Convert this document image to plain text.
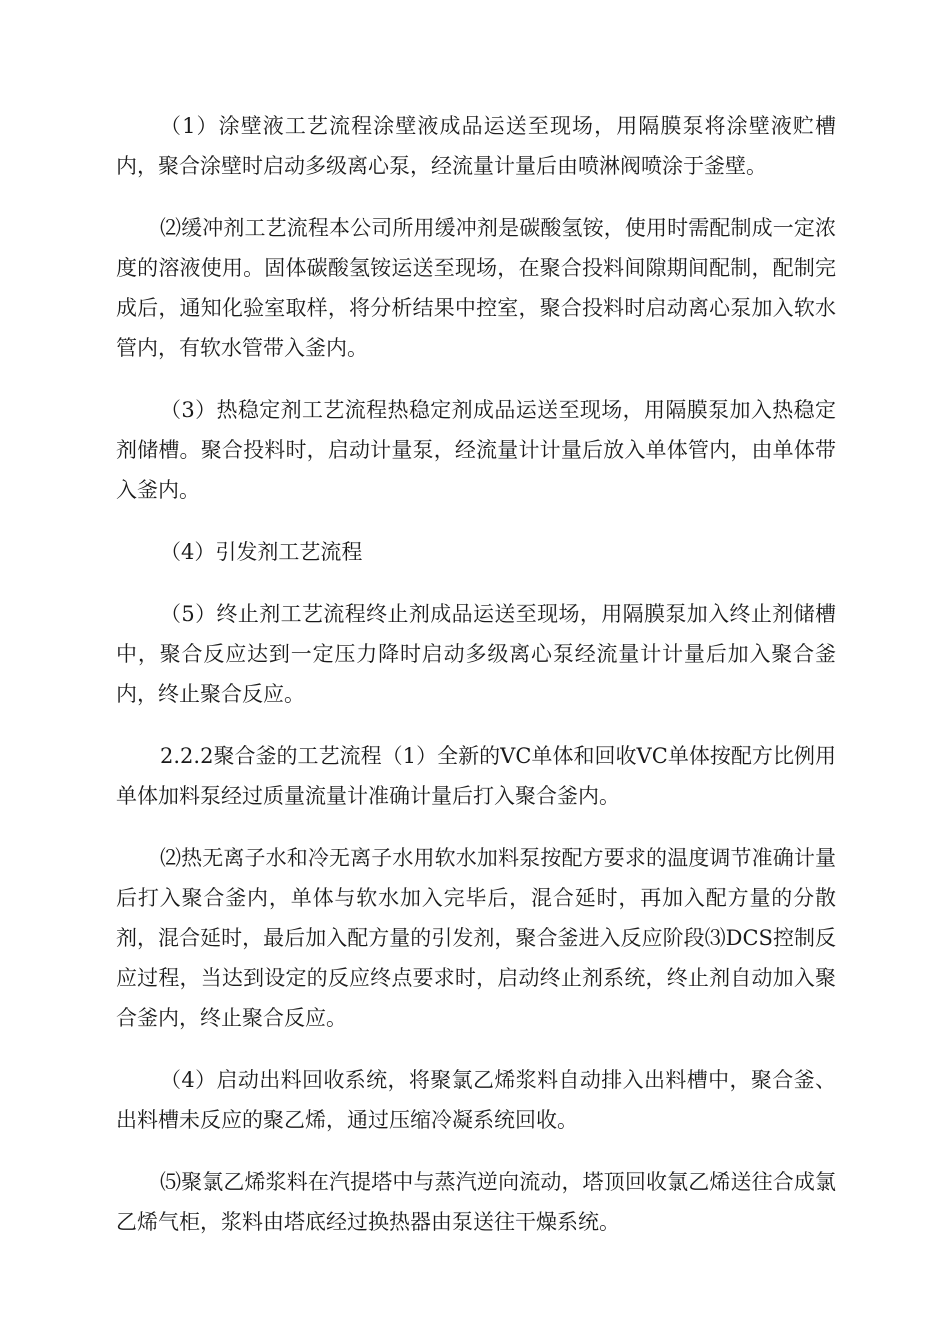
（1）涂壁液工艺流程涂壁液成品运送至现场，用隔膜泵将涂壁液贮槽内，聚合涂壁时启动多级离心泵，经流量计量后由喷淋阀喷涂于釜壁。

⑵缓冲剂工艺流程本公司所用缓冲剂是碳酸氢铵，使用时需配制成一定浓度的溶液使用。固体碳酸氢铵运送至现场，在聚合投料间隙期间配制，配制完成后，通知化验室取样，将分析结果中控室，聚合投料时启动离心泵加入软水管内，有软水管带入釜内。

（3）热稳定剂工艺流程热稳定剂成品运送至现场，用隔膜泵加入热稳定剂储槽。聚合投料时，启动计量泵，经流量计计量后放入单体管内，由单体带入釜内。

（4）引发剂工艺流程

（5）终止剂工艺流程终止剂成品运送至现场，用隔膜泵加入终止剂储槽中，聚合反应达到一定压力降时启动多级离心泵经流量计计量后加入聚合釜内，终止聚合反应。

2.2.2聚合釜的工艺流程（1）全新的VC单体和回收VC单体按配方比例用单体加料泵经过质量流量计准确计量后打入聚合釜内。

⑵热无离子水和冷无离子水用软水加料泵按配方要求的温度调节准确计量后打入聚合釜内，单体与软水加入完毕后，混合延时，再加入配方量的分散剂，混合延时，最后加入配方量的引发剂，聚合釜进入反应阶段⑶DCS控制反应过程，当达到设定的反应终点要求时，启动终止剂系统，终止剂自动加入聚合釜内，终止聚合反应。

（4）启动出料回收系统，将聚氯乙烯浆料自动排入出料槽中，聚合釜、出料槽未反应的聚乙烯，通过压缩冷凝系统回收。

⑸聚氯乙烯浆料在汽提塔中与蒸汽逆向流动，塔顶回收氯乙烯送往合成氯乙烯气柜，浆料由塔底经过换热器由泵送往干燥系统。
